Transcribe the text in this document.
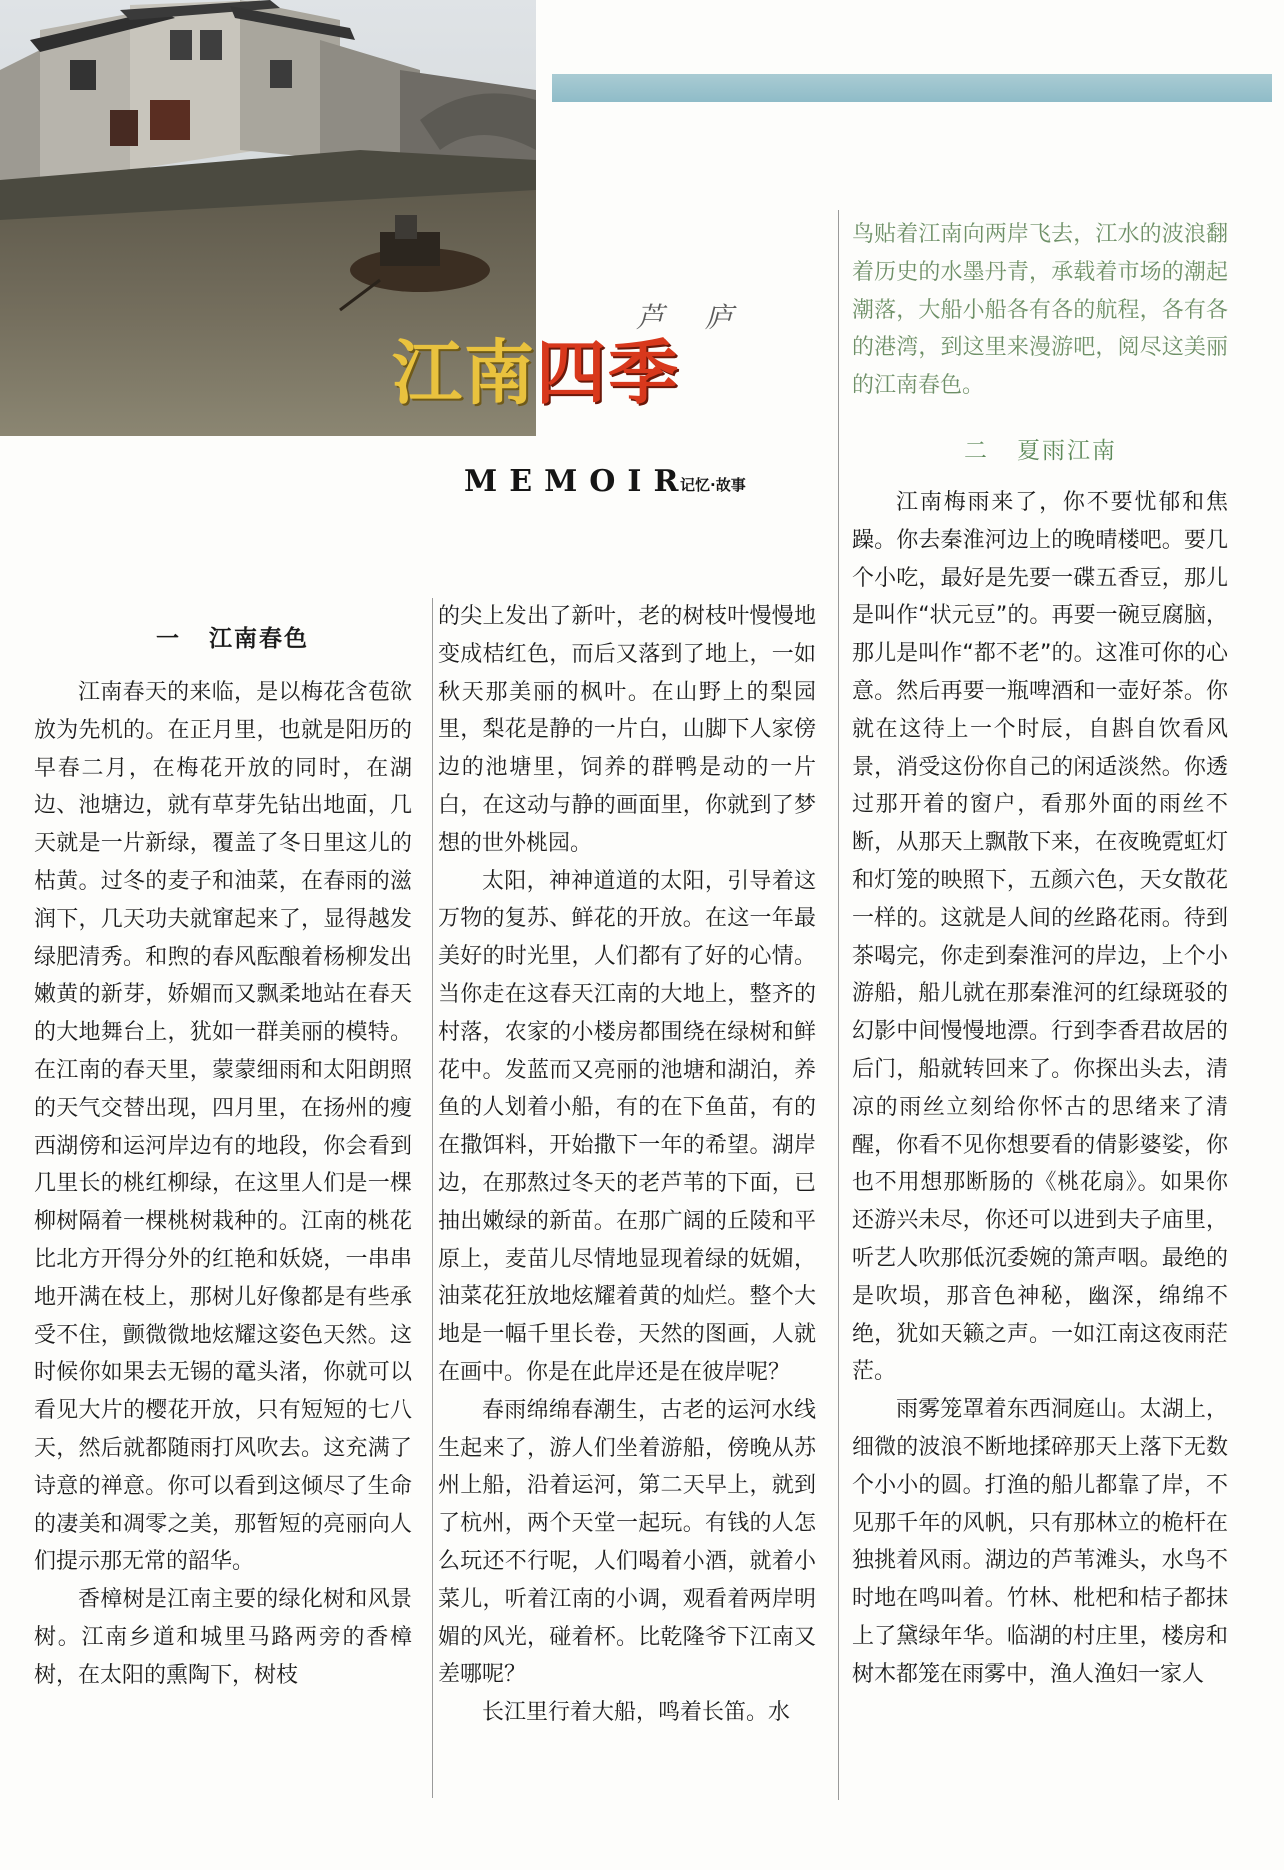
芦 庐
江南四季
MEMOIR
记忆·故事

鸟贴着江南向两岸飞去，江水的波浪翻着历史的水墨丹青，承载着市场的潮起潮落，大船小船各有各的航程，各有各的港湾，到这里来漫游吧，阅尽这美丽的江南春色。

二 夏雨江南
一 江南春色

江南春天的来临，是以梅花含苞欲放为先机的。在正月里，也就是阳历的早春二月，在梅花开放的同时，在湖边、池塘边，就有草芽先钻出地面，几天就是一片新绿，覆盖了冬日里这儿的枯黄。过冬的麦子和油菜，在春雨的滋润下，几天功夫就窜起来了，显得越发绿肥清秀。和煦的春风酝酿着杨柳发出嫩黄的新芽，娇媚而又飘柔地站在春天的大地舞台上，犹如一群美丽的模特。在江南的春天里，蒙蒙细雨和太阳朗照的天气交替出现，四月里，在扬州的瘦西湖傍和运河岸边有的地段，你会看到几里长的桃红柳绿，在这里人们是一棵柳树隔着一棵桃树栽种的。江南的桃花比北方开得分外的红艳和妖娆，一串串地开满在枝上，那树儿好像都是有些承受不住，颤微微地炫耀这姿色天然。这时候你如果去无锡的鼋头渚，你就可以看见大片的樱花开放，只有短短的七八天，然后就都随雨打风吹去。这充满了诗意的禅意。你可以看到这倾尽了生命的凄美和凋零之美，那暂短的亮丽向人们提示那无常的韶华。

香樟树是江南主要的绿化树和风景树。江南乡道和城里马路两旁的香樟树，在太阳的熏陶下，树枝

的尖上发出了新叶，老的树枝叶慢慢地变成桔红色，而后又落到了地上，一如秋天那美丽的枫叶。在山野上的梨园里，梨花是静的一片白，山脚下人家傍边的池塘里，饲养的群鸭是动的一片白，在这动与静的画面里，你就到了梦想的世外桃园。

太阳，神神道道的太阳，引导着这万物的复苏、鲜花的开放。在这一年最美好的时光里，人们都有了好的心情。当你走在这春天江南的大地上，整齐的村落，农家的小楼房都围绕在绿树和鲜花中。发蓝而又亮丽的池塘和湖泊，养鱼的人划着小船，有的在下鱼苗，有的在撒饵料，开始撒下一年的希望。湖岸边，在那熬过冬天的老芦苇的下面，已抽出嫩绿的新苗。在那广阔的丘陵和平原上，麦苗儿尽情地显现着绿的妩媚，油菜花狂放地炫耀着黄的灿烂。整个大地是一幅千里长卷，天然的图画，人就在画中。你是在此岸还是在彼岸呢？

春雨绵绵春潮生，古老的运河水线生起来了，游人们坐着游船，傍晚从苏州上船，沿着运河，第二天早上，就到了杭州，两个天堂一起玩。有钱的人怎么玩还不行呢，人们喝着小酒，就着小菜儿，听着江南的小调，观看着两岸明媚的风光，碰着杯。比乾隆爷下江南又差哪呢？

长江里行着大船，鸣着长笛。水

江南梅雨来了，你不要忧郁和焦躁。你去秦淮河边上的晚晴楼吧。要几个小吃，最好是先要一碟五香豆，那儿是叫作“状元豆”的。再要一碗豆腐脑，那儿是叫作“都不老”的。这准可你的心意。然后再要一瓶啤酒和一壶好茶。你就在这待上一个时辰，自斟自饮看风景，消受这份你自己的闲适淡然。你透过那开着的窗户，看那外面的雨丝不断，从那天上飘散下来，在夜晚霓虹灯和灯笼的映照下，五颜六色，天女散花一样的。这就是人间的丝路花雨。待到茶喝完，你走到秦淮河的岸边，上个小游船，船儿就在那秦淮河的红绿斑驳的幻影中间慢慢地漂。行到李香君故居的后门，船就转回来了。你探出头去，清凉的雨丝立刻给你怀古的思绪来了清醒，你看不见你想要看的倩影婆娑，你也不用想那断肠的《桃花扇》。如果你还游兴未尽，你还可以进到夫子庙里，听艺人吹那低沉委婉的箫声咽。最绝的是吹埙，那音色神秘，幽深，绵绵不绝，犹如天籁之声。一如江南这夜雨茫茫。

雨雾笼罩着东西洞庭山。太湖上，细微的波浪不断地揉碎那天上落下无数个小小的圆。打渔的船儿都靠了岸，不见那千年的风帆，只有那林立的桅杆在独挑着风雨。湖边的芦苇滩头，水鸟不时地在鸣叫着。竹林、枇杷和桔子都抹上了黛绿年华。临湖的村庄里，楼房和树木都笼在雨雾中，渔人渔妇一家人
